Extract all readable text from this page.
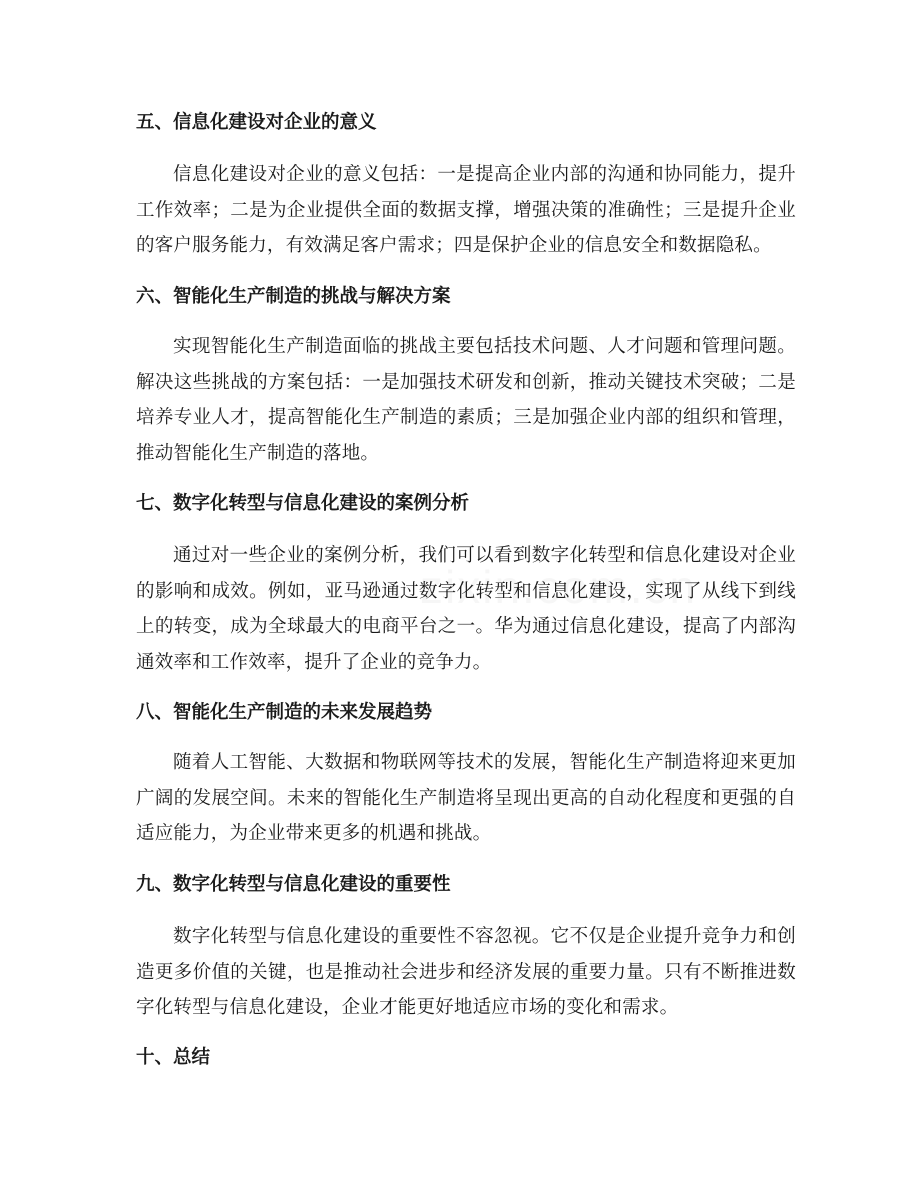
五、信息化建设对企业的意义
信息化建设对企业的意义包括：一是提高企业内部的沟通和协同能力，提升工作效率；二是为企业提供全面的数据支撑，增强决策的准确性；三是提升企业的客户服务能力，有效满足客户需求；四是保护企业的信息安全和数据隐私。
六、智能化生产制造的挑战与解决方案
实现智能化生产制造面临的挑战主要包括技术问题、人才问题和管理问题。解决这些挑战的方案包括：一是加强技术研发和创新，推动关键技术突破；二是培养专业人才，提高智能化生产制造的素质；三是加强企业内部的组织和管理，推动智能化生产制造的落地。
七、数字化转型与信息化建设的案例分析
通过对一些企业的案例分析，我们可以看到数字化转型和信息化建设对企业的影响和成效。例如，亚马逊通过数字化转型和信息化建设，实现了从线下到线上的转变，成为全球最大的电商平台之一。华为通过信息化建设，提高了内部沟通效率和工作效率，提升了企业的竞争力。
八、智能化生产制造的未来发展趋势
随着人工智能、大数据和物联网等技术的发展，智能化生产制造将迎来更加广阔的发展空间。未来的智能化生产制造将呈现出更高的自动化程度和更强的自适应能力，为企业带来更多的机遇和挑战。
九、数字化转型与信息化建设的重要性
数字化转型与信息化建设的重要性不容忽视。它不仅是企业提升竞争力和创造更多价值的关键，也是推动社会进步和经济发展的重要力量。只有不断推进数字化转型与信息化建设，企业才能更好地适应市场的变化和需求。
十、总结
